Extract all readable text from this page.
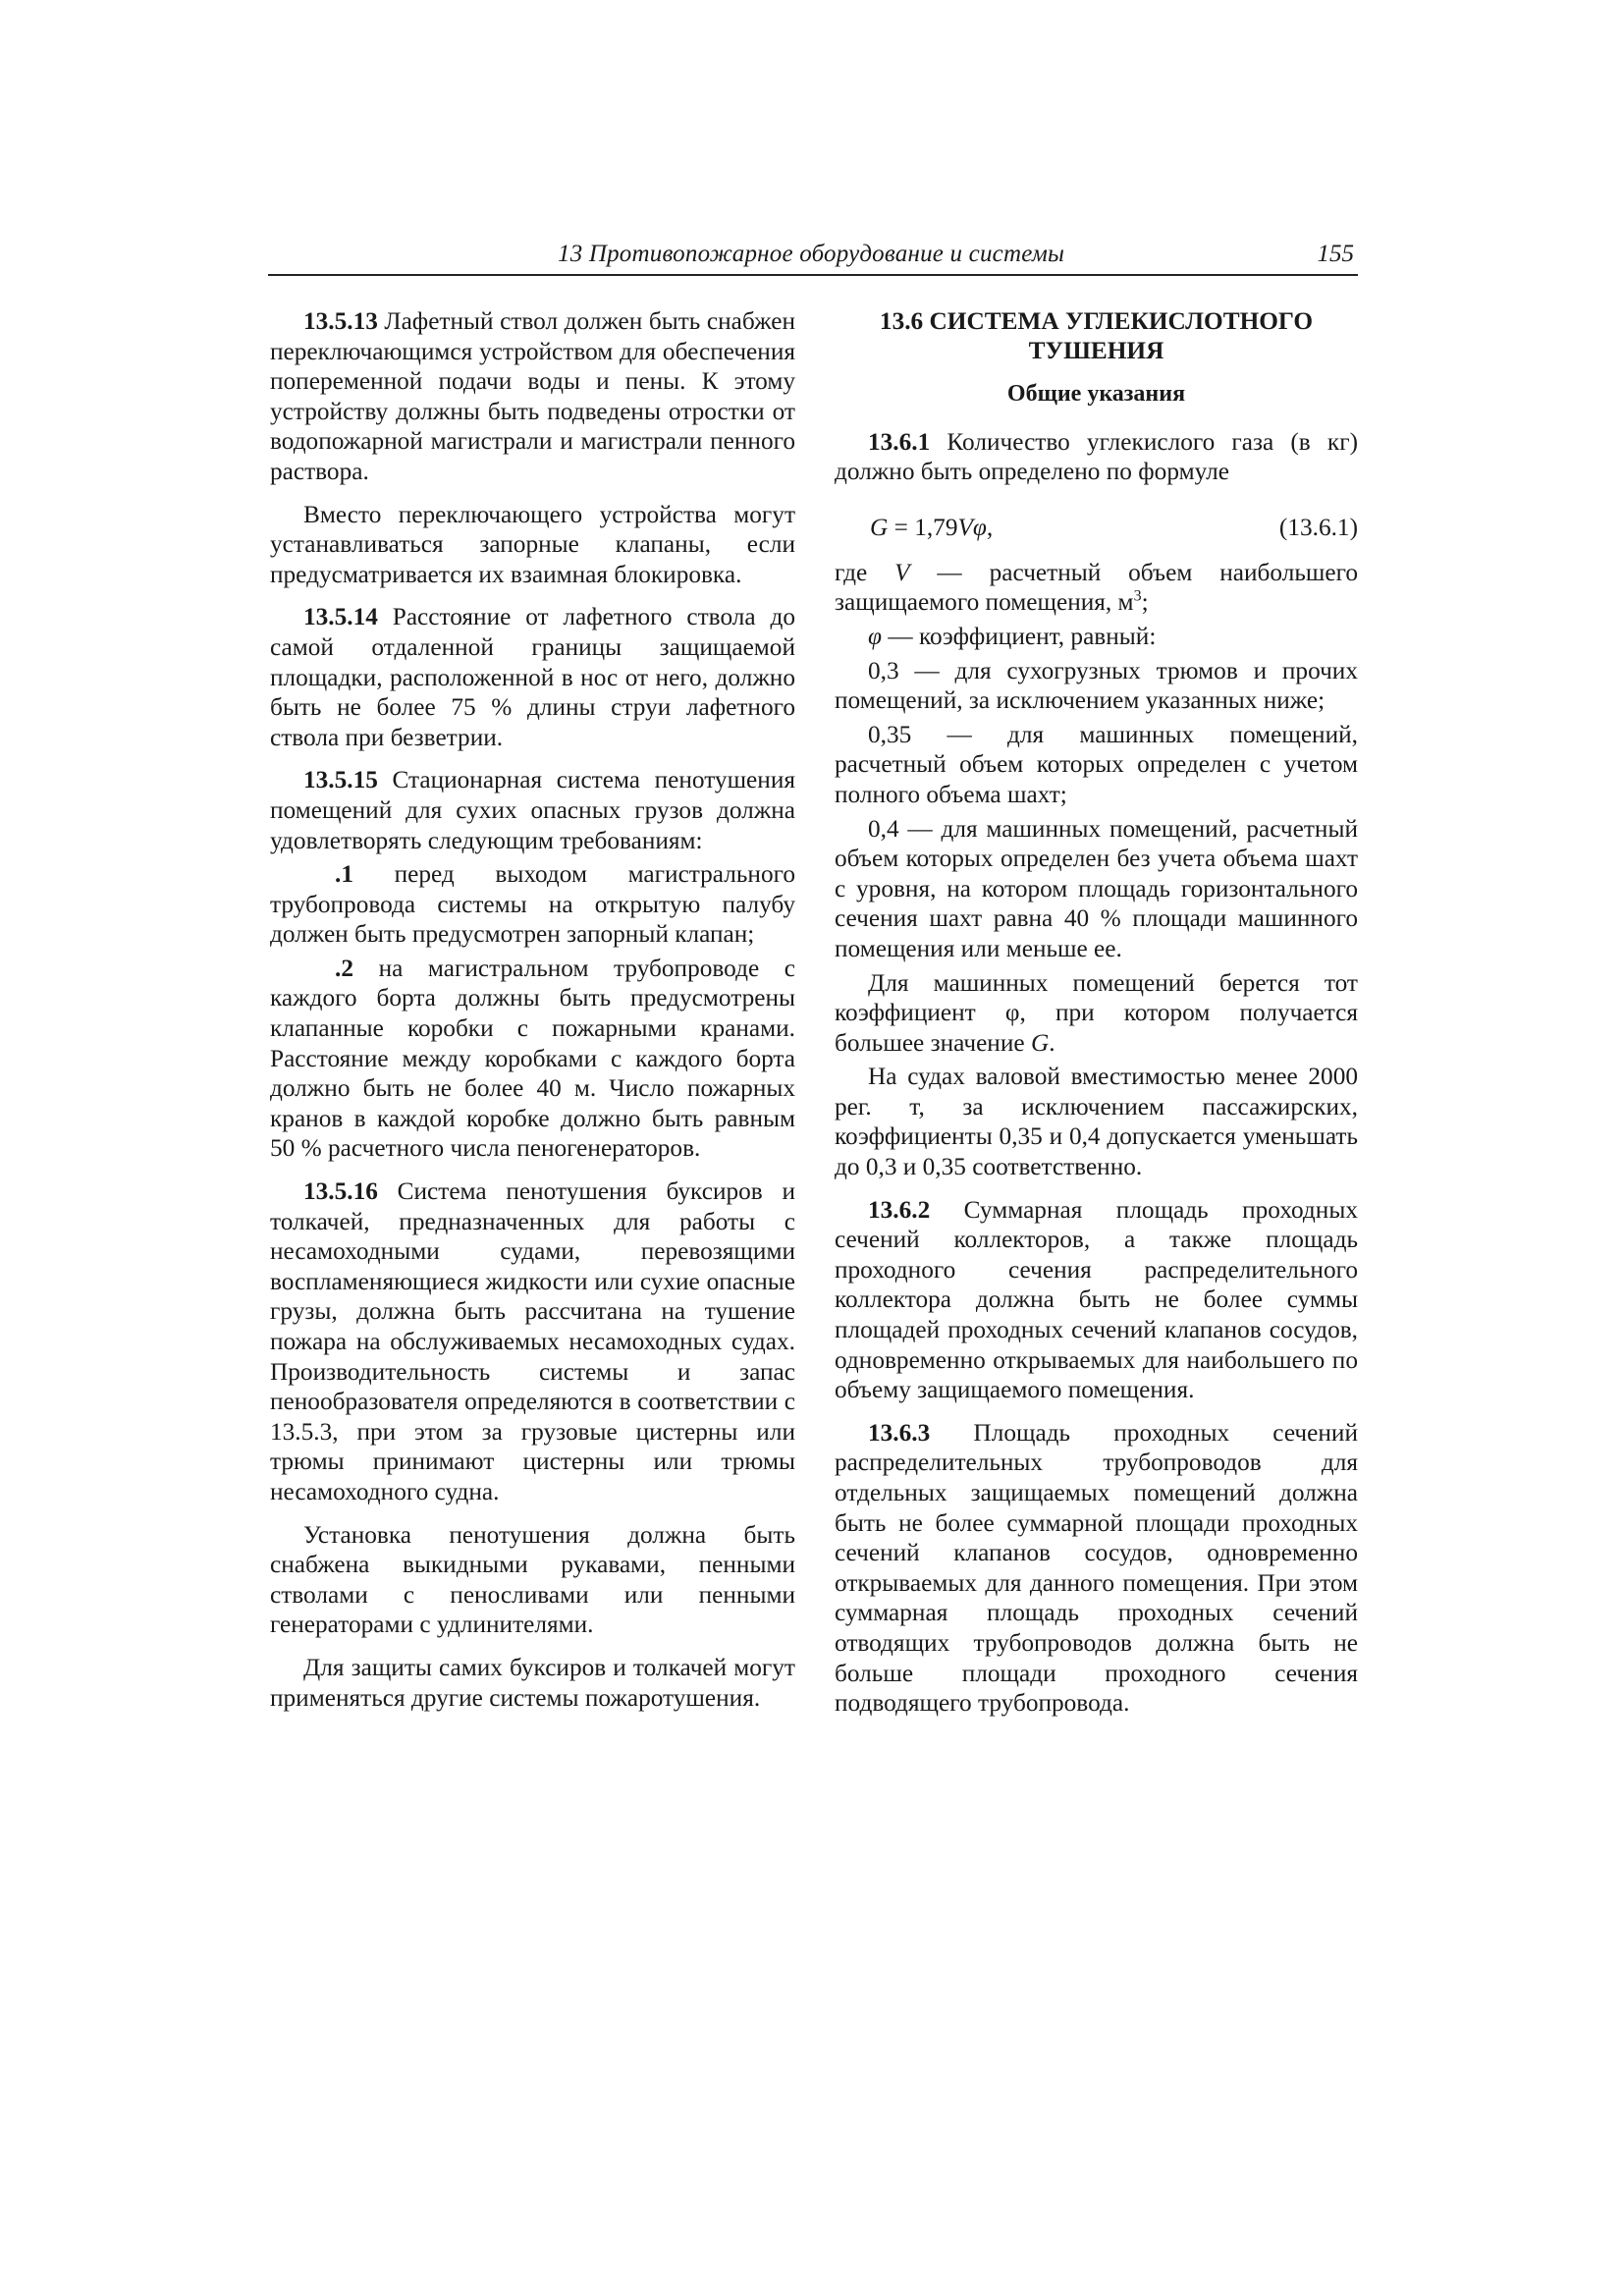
13 Противопожарное оборудование и системы	155

13.5.13 Лафетный ствол должен быть снабжен переключающимся устройством для обеспечения попеременной подачи воды и пены. К этому устройству должны быть подведены отростки от водопожарной магистрали и магистрали пенного раствора.

Вместо переключающего устройства могут устанавливаться запорные клапаны, если предусматривается их взаимная блокировка.

13.5.14 Расстояние от лафетного ствола до самой отдаленной границы защищаемой площадки, расположенной в нос от него, должно быть не более 75 % длины струи лафетного ствола при безветрии.

13.5.15 Стационарная система пенотушения помещений для сухих опасных грузов должна удовлетворять следующим требованиям:

.1 перед выходом магистрального трубопровода системы на открытую палубу должен быть предусмотрен запорный клапан;

.2 на магистральном трубопроводе с каждого борта должны быть предусмотрены клапанные коробки с пожарными кранами. Расстояние между коробками с каждого борта должно быть не более 40 м. Число пожарных кранов в каждой коробке должно быть равным 50 % расчетного числа пеногенераторов.

13.5.16 Система пенотушения буксиров и толкачей, предназначенных для работы с несамоходными судами, перевозящими воспламеняющиеся жидкости или сухие опасные грузы, должна быть рассчитана на тушение пожара на обслуживаемых несамоходных судах. Производительность системы и запас пенообразователя определяются в соответствии с 13.5.3, при этом за грузовые цистерны или трюмы принимают цистерны или трюмы несамоходного судна.

Установка пенотушения должна быть снабжена выкидными рукавами, пенными стволами с пеносливами или пенными генераторами с удлинителями.

Для защиты самих буксиров и толкачей могут применяться другие системы пожаротушения.

13.6 СИСТЕМА УГЛЕКИСЛОТНОГО
ТУШЕНИЯ
Общие указания

13.6.1 Количество углекислого газа (в кг) должно быть определено по формуле

G = 1,79Vφ,	(13.6.1)

где V — расчетный объем наибольшего защищаемого помещения, $м^3$;

φ — коэффициент, равный:

0,3 — для сухогрузных трюмов и прочих помещений, за исключением указанных ниже;

0,35 — для машинных помещений, расчетный объем которых определен с учетом полного объема шахт;

0,4 — для машинных помещений, расчетный объем которых определен без учета объема шахт с уровня, на котором площадь горизонтального сечения шахт равна 40 % площади машинного помещения или меньше ее.

Для машинных помещений берется тот коэффициент φ, при котором получается большее значение G.

На судах валовой вместимостью менее 2000 рег. т, за исключением пассажирских, коэффициенты 0,35 и 0,4 допускается уменьшать до 0,3 и 0,35 соответственно.

13.6.2 Суммарная площадь проходных сечений коллекторов, а также площадь проходного сечения распределительного коллектора должна быть не более суммы площадей проходных сечений клапанов сосудов, одновременно открываемых для наибольшего по объему защищаемого помещения.

13.6.3 Площадь проходных сечений распределительных трубопроводов для отдельных защищаемых помещений должна быть не более суммарной площади проходных сечений клапанов сосудов, одновременно открываемых для данного помещения. При этом суммарная площадь проходных сечений отводящих трубопроводов должна быть не больше площади проходного сечения подводящего трубопровода.
